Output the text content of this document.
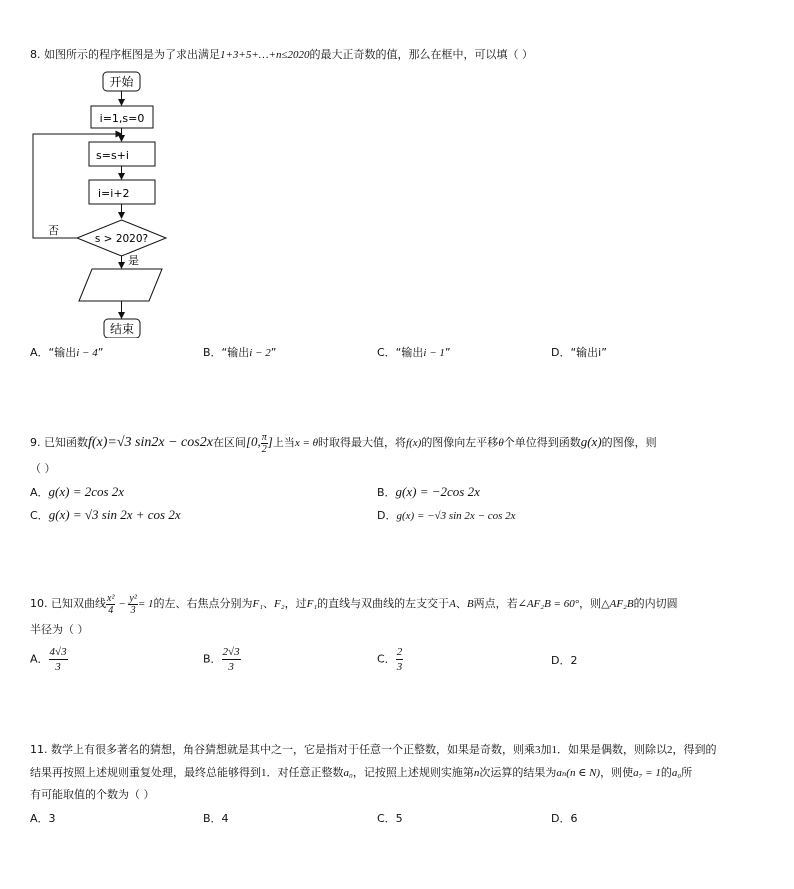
8. 如图所示的程序框图是为了求出满足1+3+5+…+n≤2020的最大正奇数的值，那么在框中，可以填（ ）
开始
i=1,s=0
s=s+i
i=i+2
s > 2020?
否
是
结束
A．“输出i − 4”	B．“输出i − 2”	C．“输出i − 1”	D．“输出i”
9. 已知函数f(x)=√3 sin2x − cos2x在区间[0, $\frac{\pi}{2}$ ]上当x = θ时取得最大值，将f(x)的图像向左平移θ个单位得到函数g(x)的图像，则
（ ）
A．g(x) = 2cos 2x	B．g(x) = −2cos 2x
C．g(x) = √3 sin 2x + cos 2x	D．g(x) = −√3 sin 2x − cos 2x
10. 已知双曲线 $\frac{\text{x²}}{4} - \frac{\text{y²}}{3} = 1$的左、右焦点分别为F₁、F₂，过F₁的直线与双曲线的左支交于A、B两点，若∠AF₂B = 60°，则△AF₂B的内切圆
半径为（ ）
A． $\frac{4√3}{3}$	B． $\frac{2√3}{3}$	C． $\frac{2}{3}$	D．2
11. 数学上有很多著名的猜想，角谷猜想就是其中之一，它是指对于任意一个正整数，如果是奇数，则乘3加1．如果是偶数，则除以2，得到的
结果再按照上述规则重复处理，最终总能够得到1．对任意正整数a₀，记按照上述规则实施第n次运算的结果为aₙ(n ∈ N)，则使a₇ = 1的a₀所
有可能取值的个数为（ ）
A．3	B．4	C．5	D．6
